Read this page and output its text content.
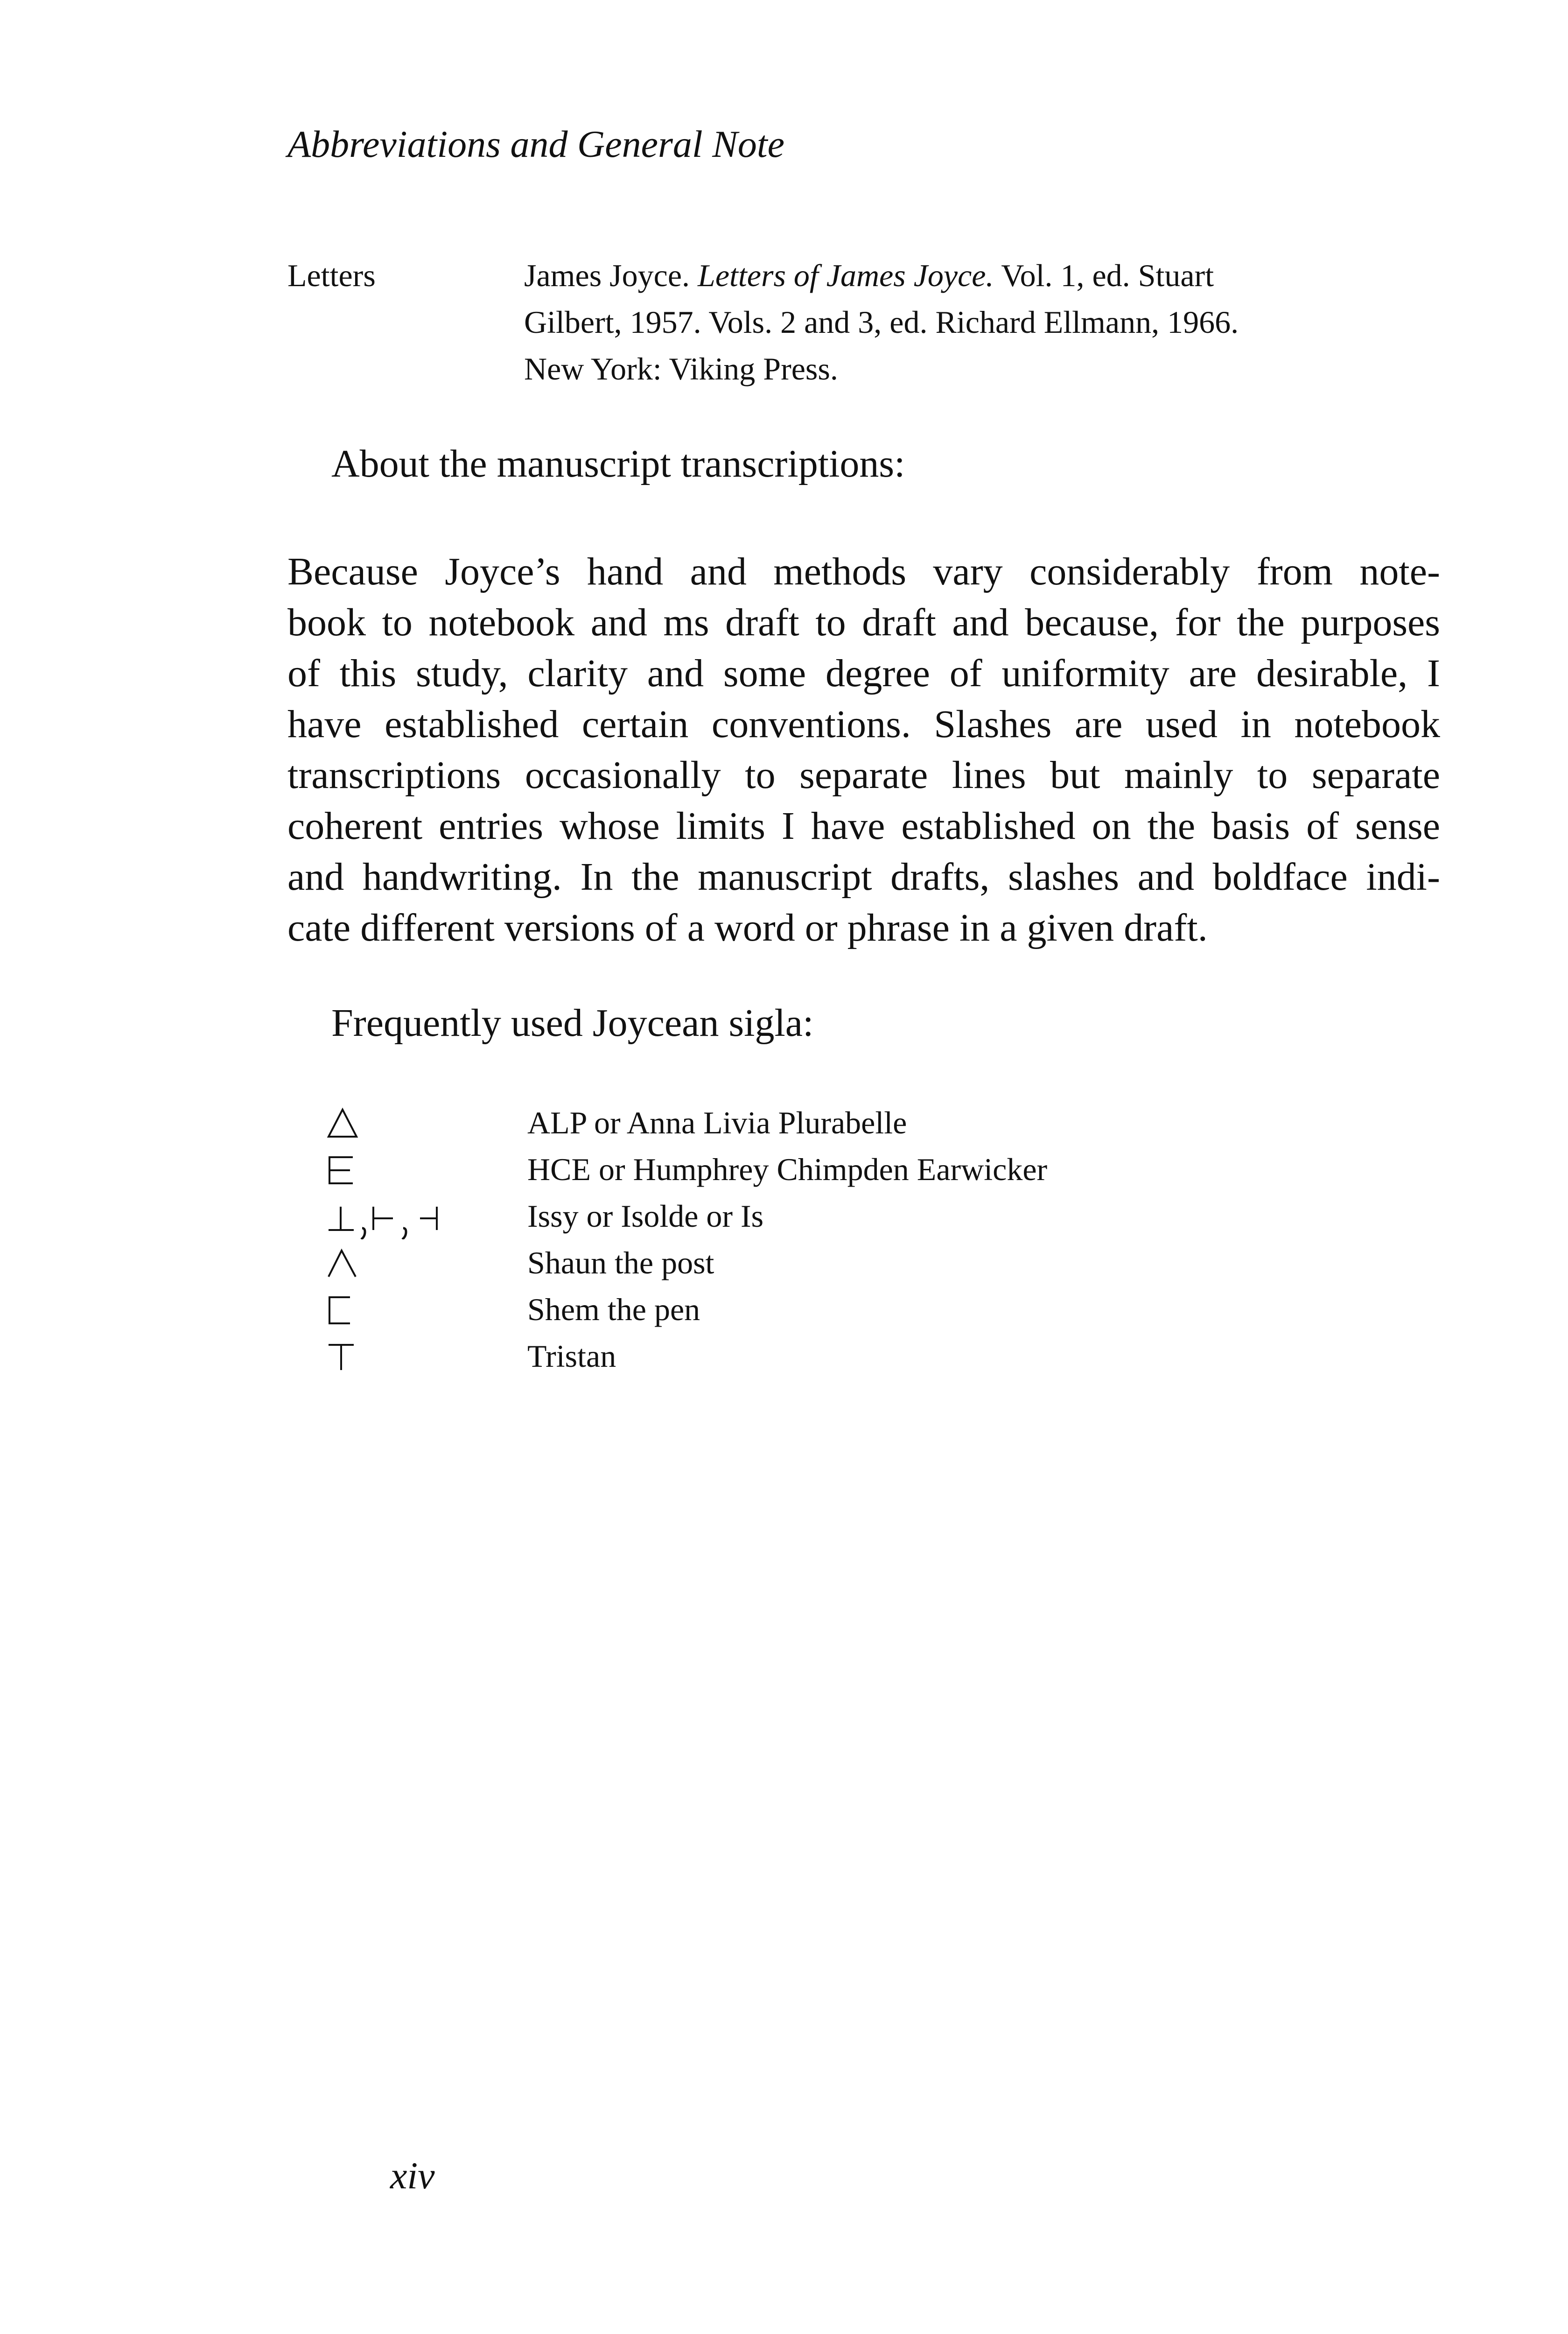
Abbreviations and General Note
Letters	James Joyce. Letters of James Joyce. Vol. 1, ed. Stuart
Gilbert, 1957. Vols. 2 and 3, ed. Richard Ellmann, 1966.
New York: Viking Press.
About the manuscript transcriptions:
Because Joyce’s hand and methods vary considerably from note-
book to notebook and ms draft to draft and because, for the purposes
of this study, clarity and some degree of uniformity are desirable, I
have established certain conventions. Slashes are used in notebook
transcriptions occasionally to separate lines but mainly to separate
coherent entries whose limits I have established on the basis of sense
and handwriting. In the manuscript drafts, slashes and boldface indi-
cate different versions of a word or phrase in a given draft.
Frequently used Joycean sigla:
ALP or Anna Livia Plurabelle
HCE or Humphrey Chimpden Earwicker
Issy or Isolde or Is
Shaun the post
Shem the pen
Tristan
xiv
